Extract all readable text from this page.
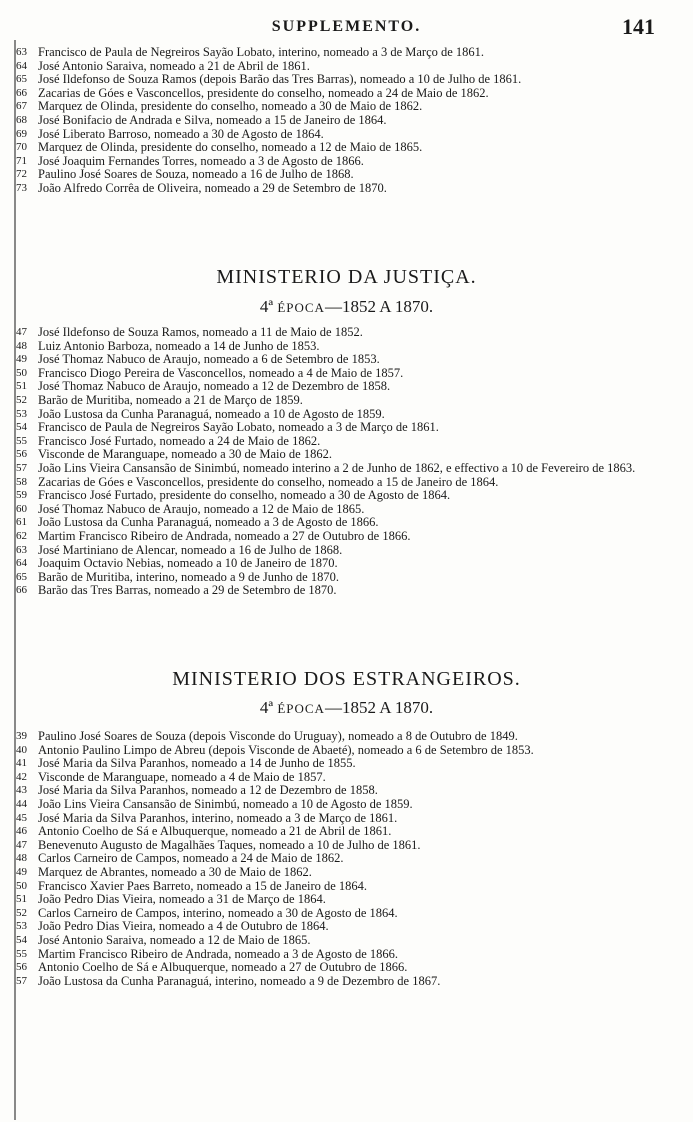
SUPPLEMENTO.	141
63 Francisco de Paula de Negreiros Sayão Lobato, interino, nomeado a 3 de Março de 1861.
64 José Antonio Saraiva, nomeado a 21 de Abril de 1861.
65 José Ildefonso de Souza Ramos (depois Barão das Tres Barras), nomeado a 10 de Julho de 1861.
66 Zacarias de Góes e Vasconcellos, presidente do conselho, nomeado a 24 de Maio de 1862.
67 Marquez de Olinda, presidente do conselho, nomeado a 30 de Maio de 1862.
68 José Bonifacio de Andrada e Silva, nomeado a 15 de Janeiro de 1864.
69 José Liberato Barroso, nomeado a 30 de Agosto de 1864.
70 Marquez de Olinda, presidente do conselho, nomeado a 12 de Maio de 1865.
71 José Joaquim Fernandes Torres, nomeado a 3 de Agosto de 1866.
72 Paulino José Soares de Souza, nomeado a 16 de Julho de 1868.
73 João Alfredo Corrêa de Oliveira, nomeado a 29 de Setembro de 1870.
MINISTERIO DA JUSTIÇA.
4ª ÉPOCA—1852 A 1870.
47 José Ildefonso de Souza Ramos, nomeado a 11 de Maio de 1852.
48 Luiz Antonio Barboza, nomeado a 14 de Junho de 1853.
49 José Thomaz Nabuco de Araujo, nomeado a 6 de Setembro de 1853.
50 Francisco Diogo Pereira de Vasconcellos, nomeado a 4 de Maio de 1857.
51 José Thomaz Nabuco de Araujo, nomeado a 12 de Dezembro de 1858.
52 Barão de Muritiba, nomeado a 21 de Março de 1859.
53 João Lustosa da Cunha Paranaguá, nomeado a 10 de Agosto de 1859.
54 Francisco de Paula de Negreiros Sayão Lobato, nomeado a 3 de Março de 1861.
55 Francisco José Furtado, nomeado a 24 de Maio de 1862.
56 Visconde de Maranguape, nomeado a 30 de Maio de 1862.
57 João Lins Vieira Cansansão de Sinimbú, nomeado interino a 2 de Junho de 1862, e effectivo a 10 de Fevereiro de 1863.
58 Zacarias de Góes e Vasconcellos, presidente do conselho, nomeado a 15 de Janeiro de 1864.
59 Francisco José Furtado, presidente do conselho, nomeado a 30 de Agosto de 1864.
60 José Thomaz Nabuco de Araujo, nomeado a 12 de Maio de 1865.
61 João Lustosa da Cunha Paranaguá, nomeado a 3 de Agosto de 1866.
62 Martim Francisco Ribeiro de Andrada, nomeado a 27 de Outubro de 1866.
63 José Martiniano de Alencar, nomeado a 16 de Julho de 1868.
64 Joaquim Octavio Nebias, nomeado a 10 de Janeiro de 1870.
65 Barão de Muritiba, interino, nomeado a 9 de Junho de 1870.
66 Barão das Tres Barras, nomeado a 29 de Setembro de 1870.
MINISTERIO DOS ESTRANGEIROS.
4ª ÉPOCA—1852 A 1870.
39 Paulino José Soares de Souza (depois Visconde do Uruguay), nomeado a 8 de Outubro de 1849.
40 Antonio Paulino Limpo de Abreu (depois Visconde de Abaeté), nomeado a 6 de Setembro de 1853.
41 José Maria da Silva Paranhos, nomeado a 14 de Junho de 1855.
42 Visconde de Maranguape, nomeado a 4 de Maio de 1857.
43 José Maria da Silva Paranhos, nomeado a 12 de Dezembro de 1858.
44 João Lins Vieira Cansansão de Sinimbú, nomeado a 10 de Agosto de 1859.
45 José Maria da Silva Paranhos, interino, nomeado a 3 de Março de 1861.
46 Antonio Coelho de Sá e Albuquerque, nomeado a 21 de Abril de 1861.
47 Benevenuto Augusto de Magalhães Taques, nomeado a 10 de Julho de 1861.
48 Carlos Carneiro de Campos, nomeado a 24 de Maio de 1862.
49 Marquez de Abrantes, nomeado a 30 de Maio de 1862.
50 Francisco Xavier Paes Barreto, nomeado a 15 de Janeiro de 1864.
51 João Pedro Dias Vieira, nomeado a 31 de Março de 1864.
52 Carlos Carneiro de Campos, interino, nomeado a 30 de Agosto de 1864.
53 João Pedro Dias Vieira, nomeado a 4 de Outubro de 1864.
54 José Antonio Saraiva, nomeado a 12 de Maio de 1865.
55 Martim Francisco Ribeiro de Andrada, nomeado a 3 de Agosto de 1866.
56 Antonio Coelho de Sá e Albuquerque, nomeado a 27 de Outubro de 1866.
57 João Lustosa da Cunha Paranaguá, interino, nomeado a 9 de Dezembro de 1867.
